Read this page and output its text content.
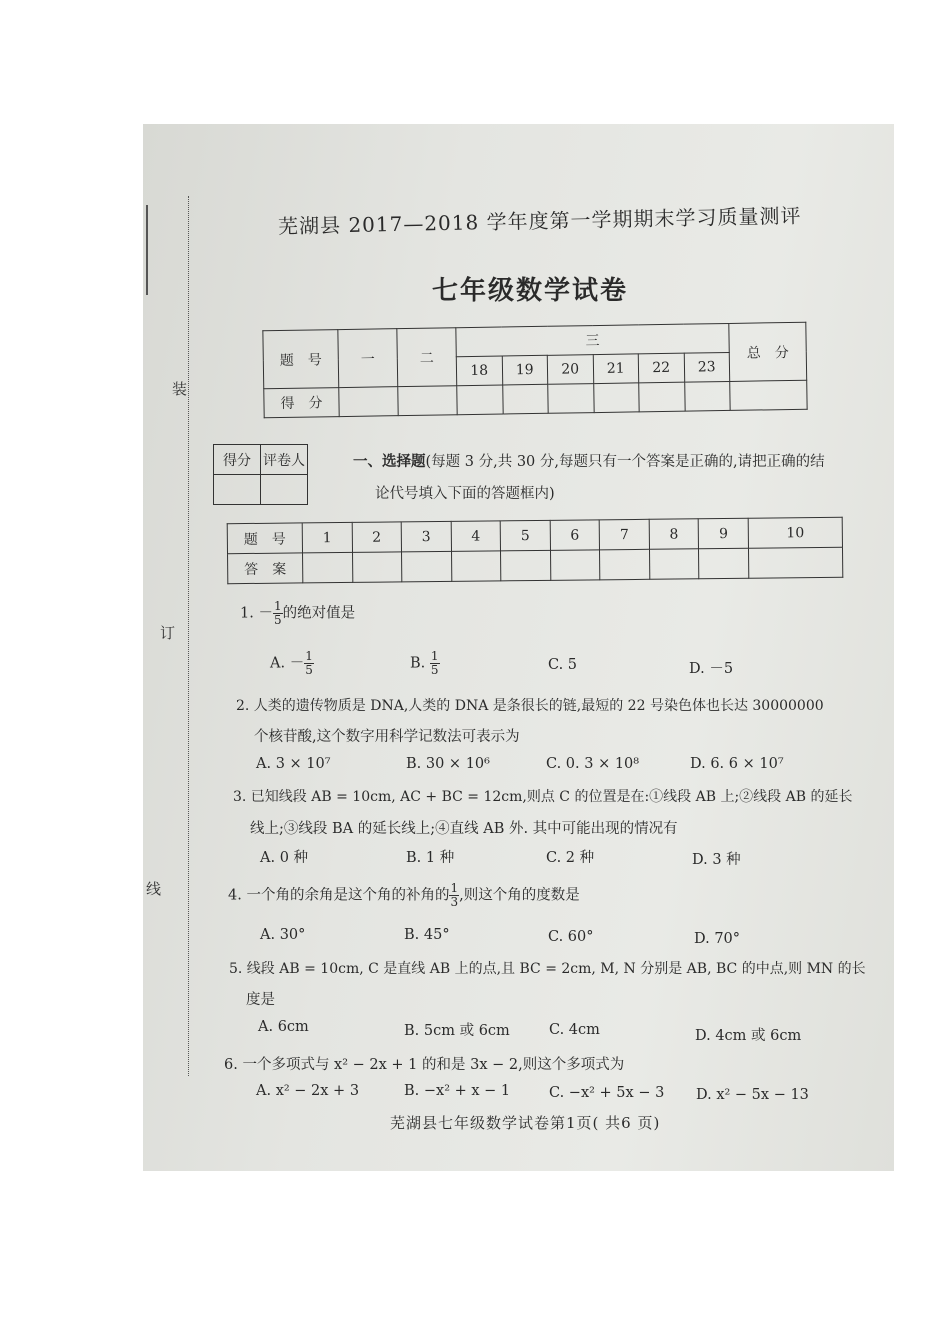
装
订
线
芜湖县 2017—2018 学年度第一学期期末学习质量测评
七年级数学试卷
题　号	一	二	三						总　分
			18	19	20	21	22	23	
得　分									
得分	评卷人
		一、选择题(每题 3 分,共 30 分,每题只有一个答案是正确的,请把正确的结
论代号填入下面的答题框内)
题　号	1	2	3	4	5	6	7	8	9	10
答　案										
1. － $\frac{1}{5}$ 的绝对值是
A. － $\frac{1}{5}$	B. $\frac{1}{5}$	C. 5	D. －5
2. 人类的遗传物质是 DNA,人类的 DNA 是条很长的链,最短的 22 号染色体也长达 30000000
个核苷酸,这个数字用科学记数法可表示为
A. 3 × 10⁷	B. 30 × 10⁶	C. 0. 3 × 10⁸	D. 6. 6 × 10⁷
3. 已知线段 AB = 10cm, AC + BC = 12cm,则点 C 的位置是在:①线段 AB 上;②线段 AB 的延长
线上;③线段 BA 的延长线上;④直线 AB 外. 其中可能出现的情况有
A. 0 种	B. 1 种	C. 2 种	D. 3 种
4. 一个角的余角是这个角的补角的 $\frac{1}{3}$ ,则这个角的度数是
A. 30°	B. 45°	C. 60°	D. 70°
5. 线段 AB = 10cm, C 是直线 AB 上的点,且 BC = 2cm, M, N 分别是 AB, BC 的中点,则 MN 的长
度是
A. 6cm	B. 5cm 或 6cm	C. 4cm	D. 4cm 或 6cm
6. 一个多项式与 x² − 2x + 1 的和是 3x − 2,则这个多项式为
A. x² − 2x + 3	B. −x² + x − 1	C. −x² + 5x − 3 D. x² − 5x − 13
芜湖县七年级数学试卷第1页( 共6 页)
